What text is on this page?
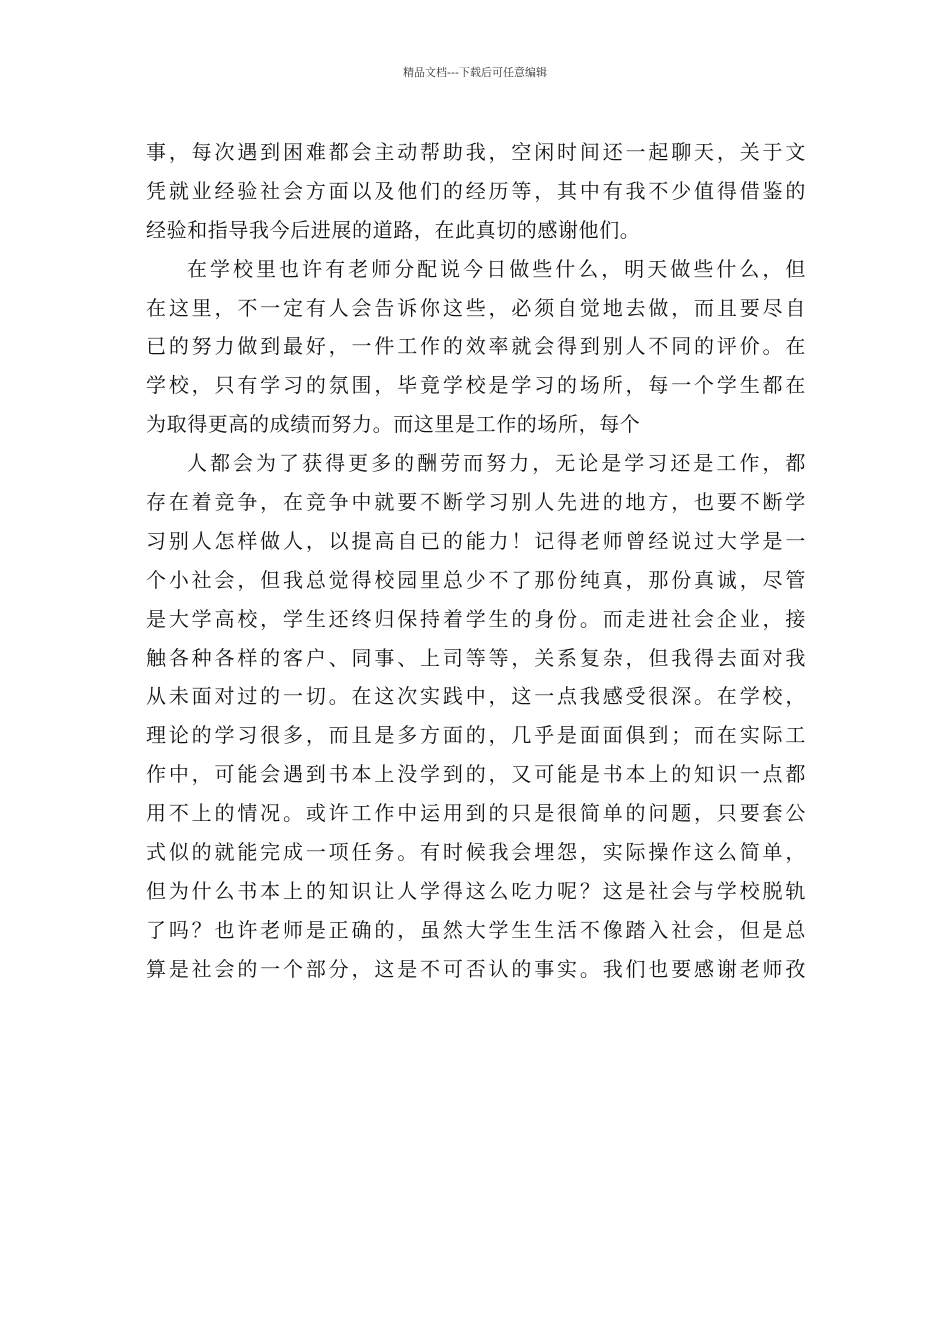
精品文档---下载后可任意编辑
事，每次遇到困难都会主动帮助我，空闲时间还一起聊天，关于文
凭就业经验社会方面以及他们的经历等，其中有我不少值得借鉴的
经验和指导我今后进展的道路，在此真切的感谢他们。
在学校里也许有老师分配说今日做些什么，明天做些什么，但
在这里，不一定有人会告诉你这些，必须自觉地去做，而且要尽自
已的努力做到最好，一件工作的效率就会得到别人不同的评价。在
学校，只有学习的氛围，毕竟学校是学习的场所，每一个学生都在
为取得更高的成绩而努力。而这里是工作的场所，每个
人都会为了获得更多的酬劳而努力，无论是学习还是工作，都
存在着竞争，在竞争中就要不断学习别人先进的地方，也要不断学
习别人怎样做人，以提高自已的能力！记得老师曾经说过大学是一
个小社会，但我总觉得校园里总少不了那份纯真，那份真诚，尽管
是大学高校，学生还终归保持着学生的身份。而走进社会企业，接
触各种各样的客户、同事、上司等等，关系复杂，但我得去面对我
从未面对过的一切。在这次实践中，这一点我感受很深。在学校，
理论的学习很多，而且是多方面的，几乎是面面俱到；而在实际工
作中，可能会遇到书本上没学到的，又可能是书本上的知识一点都
用不上的情况。或许工作中运用到的只是很简单的问题，只要套公
式似的就能完成一项任务。有时候我会埋怨，实际操作这么简单，
但为什么书本上的知识让人学得这么吃力呢？这是社会与学校脱轨
了吗？也许老师是正确的，虽然大学生生活不像踏入社会，但是总
算是社会的一个部分，这是不可否认的事实。我们也要感谢老师孜
